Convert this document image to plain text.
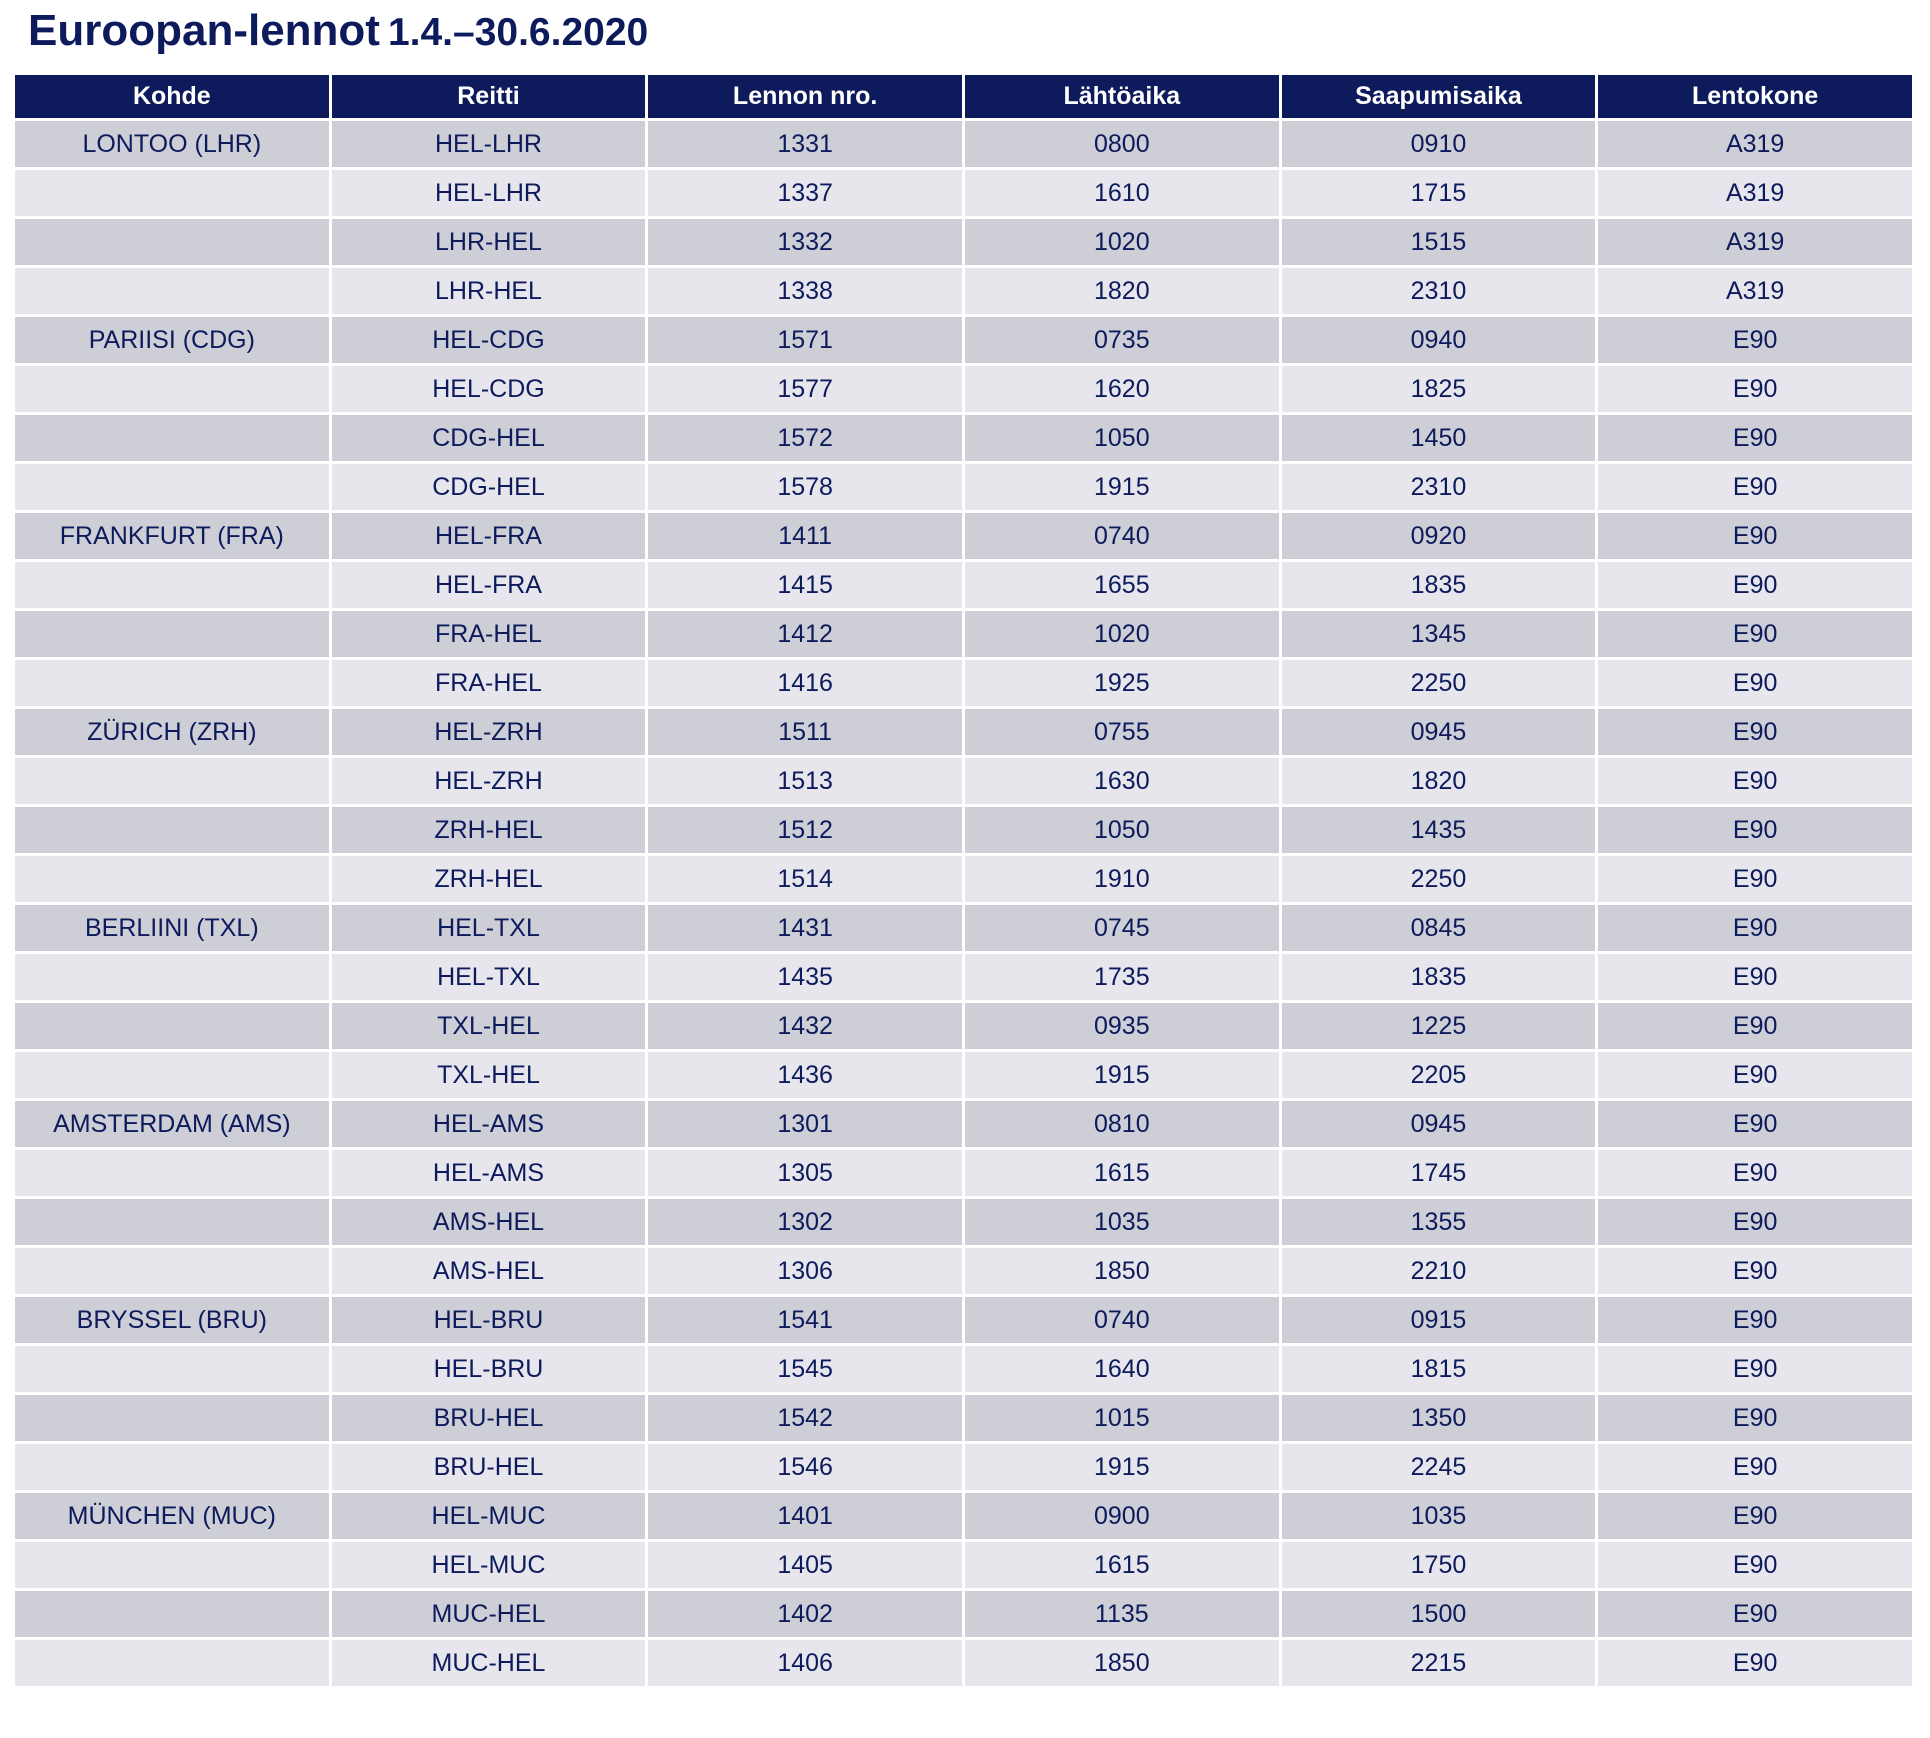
Euroopan-lennot 1.4.–30.6.2020
Kohde	Reitti	Lennon nro.	Lähtöaika	Saapumisaika	Lentokone
LONTOO (LHR)	HEL-LHR	1331	0800	0910	A319
	HEL-LHR	1337	1610	1715	A319
	LHR-HEL	1332	1020	1515	A319
	LHR-HEL	1338	1820	2310	A319
PARIISI (CDG)	HEL-CDG	1571	0735	0940	E90
	HEL-CDG	1577	1620	1825	E90
	CDG-HEL	1572	1050	1450	E90
	CDG-HEL	1578	1915	2310	E90
FRANKFURT (FRA)	HEL-FRA	1411	0740	0920	E90
	HEL-FRA	1415	1655	1835	E90
	FRA-HEL	1412	1020	1345	E90
	FRA-HEL	1416	1925	2250	E90
ZÜRICH (ZRH)	HEL-ZRH	1511	0755	0945	E90
	HEL-ZRH	1513	1630	1820	E90
	ZRH-HEL	1512	1050	1435	E90
	ZRH-HEL	1514	1910	2250	E90
BERLIINI (TXL)	HEL-TXL	1431	0745	0845	E90
	HEL-TXL	1435	1735	1835	E90
	TXL-HEL	1432	0935	1225	E90
	TXL-HEL	1436	1915	2205	E90
AMSTERDAM (AMS)	HEL-AMS	1301	0810	0945	E90
	HEL-AMS	1305	1615	1745	E90
	AMS-HEL	1302	1035	1355	E90
	AMS-HEL	1306	1850	2210	E90
BRYSSEL (BRU)	HEL-BRU	1541	0740	0915	E90
	HEL-BRU	1545	1640	1815	E90
	BRU-HEL	1542	1015	1350	E90
	BRU-HEL	1546	1915	2245	E90
MÜNCHEN (MUC)	HEL-MUC	1401	0900	1035	E90
	HEL-MUC	1405	1615	1750	E90
	MUC-HEL	1402	1135	1500	E90
	MUC-HEL	1406	1850	2215	E90
